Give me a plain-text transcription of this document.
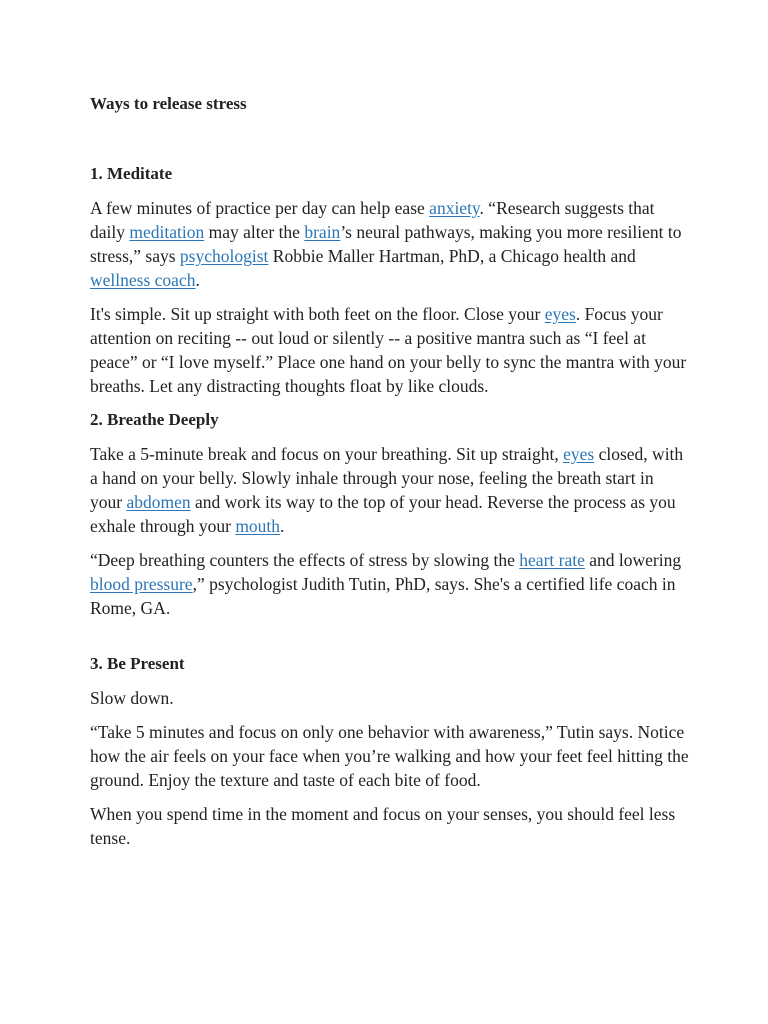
Ways to release stress
1. Meditate

A few minutes of practice per day can help ease anxiety. “Research suggests that daily meditation may alter the brain’s neural pathways, making you more resilient to stress,” says psychologist Robbie Maller Hartman, PhD, a Chicago health and wellness coach.

It's simple. Sit up straight with both feet on the floor. Close your eyes. Focus your attention on reciting -- out loud or silently -- a positive mantra such as “I feel at peace” or “I love myself.” Place one hand on your belly to sync the mantra with your breaths. Let any distracting thoughts float by like clouds.

2. Breathe Deeply

Take a 5-minute break and focus on your breathing. Sit up straight, eyes closed, with a hand on your belly. Slowly inhale through your nose, feeling the breath start in your abdomen and work its way to the top of your head. Reverse the process as you exhale through your mouth.

“Deep breathing counters the effects of stress by slowing the heart rate and lowering blood pressure,” psychologist Judith Tutin, PhD, says. She's a certified life coach in Rome, GA.

3. Be Present

Slow down.

“Take 5 minutes and focus on only one behavior with awareness,” Tutin says. Notice how the air feels on your face when you’re walking and how your feet feel hitting the ground. Enjoy the texture and taste of each bite of food.

When you spend time in the moment and focus on your senses, you should feel less tense.
